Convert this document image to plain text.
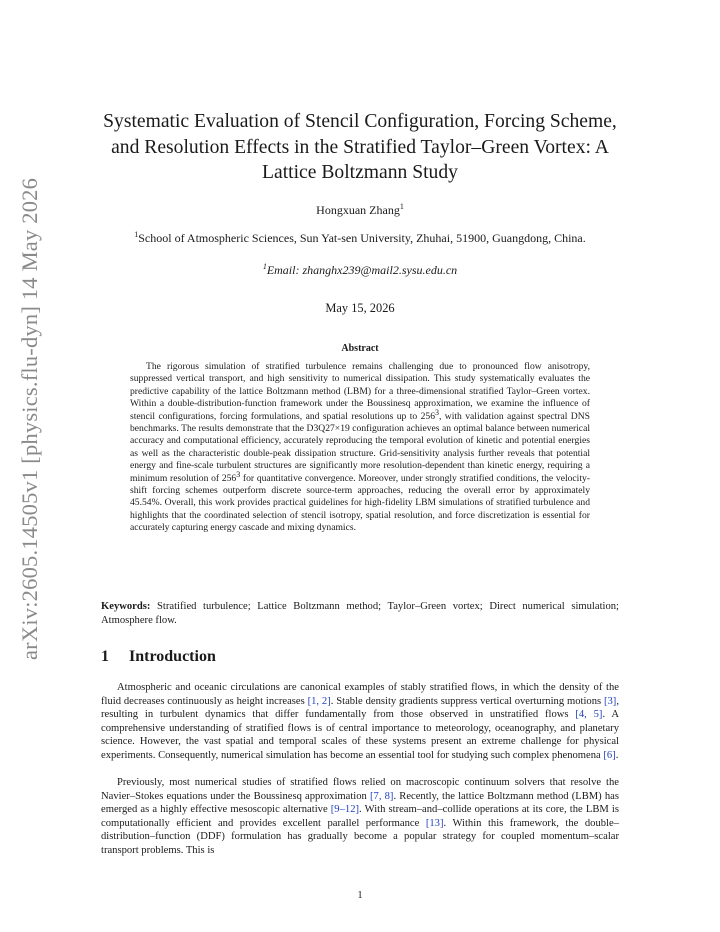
arXiv:2605.14505v1 [physics.flu-dyn] 14 May 2026
Systematic Evaluation of Stencil Configuration, Forcing Scheme, and Resolution Effects in the Stratified Taylor–Green Vortex: A Lattice Boltzmann Study
Hongxuan Zhang$^1$
$^1$School of Atmospheric Sciences, Sun Yat-sen University, Zhuhai, 51900, Guangdong, China.
$^1$Email: zhanghx239@mail2.sysu.edu.cn
May 15, 2026
Abstract

The rigorous simulation of stratified turbulence remains challenging due to pronounced flow anisotropy, suppressed vertical transport, and high sensitivity to numerical dissipation. This study systematically evaluates the predictive capability of the lattice Boltzmann method (LBM) for a three-dimensional stratified Taylor–Green vortex. Within a double-distribution-function framework under the Boussinesq approximation, we examine the influence of stencil configurations, forcing formulations, and spatial resolutions up to $256^3$, with validation against spectral DNS benchmarks. The results demonstrate that the D3Q27×19 configuration achieves an optimal balance between numerical accuracy and computational efficiency, accurately reproducing the temporal evolution of kinetic and potential energies as well as the characteristic double-peak dissipation structure. Grid-sensitivity analysis further reveals that potential energy and fine-scale turbulent structures are significantly more resolution-dependent than kinetic energy, requiring a minimum resolution of $256^3$ for quantitative convergence. Moreover, under strongly stratified conditions, the velocity-shift forcing schemes outperform discrete source-term approaches, reducing the overall error by approximately 45.54%. Overall, this work provides practical guidelines for high-fidelity LBM simulations of stratified turbulence and highlights that the coordinated selection of stencil isotropy, spatial resolution, and force discretization is essential for accurately capturing energy cascade and mixing dynamics.

Keywords: Stratified turbulence; Lattice Boltzmann method; Taylor–Green vortex; Direct numerical simulation; Atmosphere flow.

1 Introduction

Atmospheric and oceanic circulations are canonical examples of stably stratified flows, in which the density of the fluid decreases continuously as height increases [1, 2]. Stable density gradients suppress vertical overturning motions [3], resulting in turbulent dynamics that differ fundamentally from those observed in unstratified flows [4, 5]. A comprehensive understanding of stratified flows is of central importance to meteorology, oceanography, and planetary science. However, the vast spatial and temporal scales of these systems present an extreme challenge for physical experiments. Consequently, numerical simulation has become an essential tool for studying such complex phenomena [6].

Previously, most numerical studies of stratified flows relied on macroscopic continuum solvers that resolve the Navier–Stokes equations under the Boussinesq approximation [7, 8]. Recently, the lattice Boltzmann method (LBM) has emerged as a highly effective mesoscopic alternative [9–12]. With stream–and–collide operations at its core, the LBM is computationally efficient and provides excellent parallel performance [13]. Within this framework, the double–distribution–function (DDF) formulation has gradually become a popular strategy for coupled momentum–scalar transport problems. This is

1
